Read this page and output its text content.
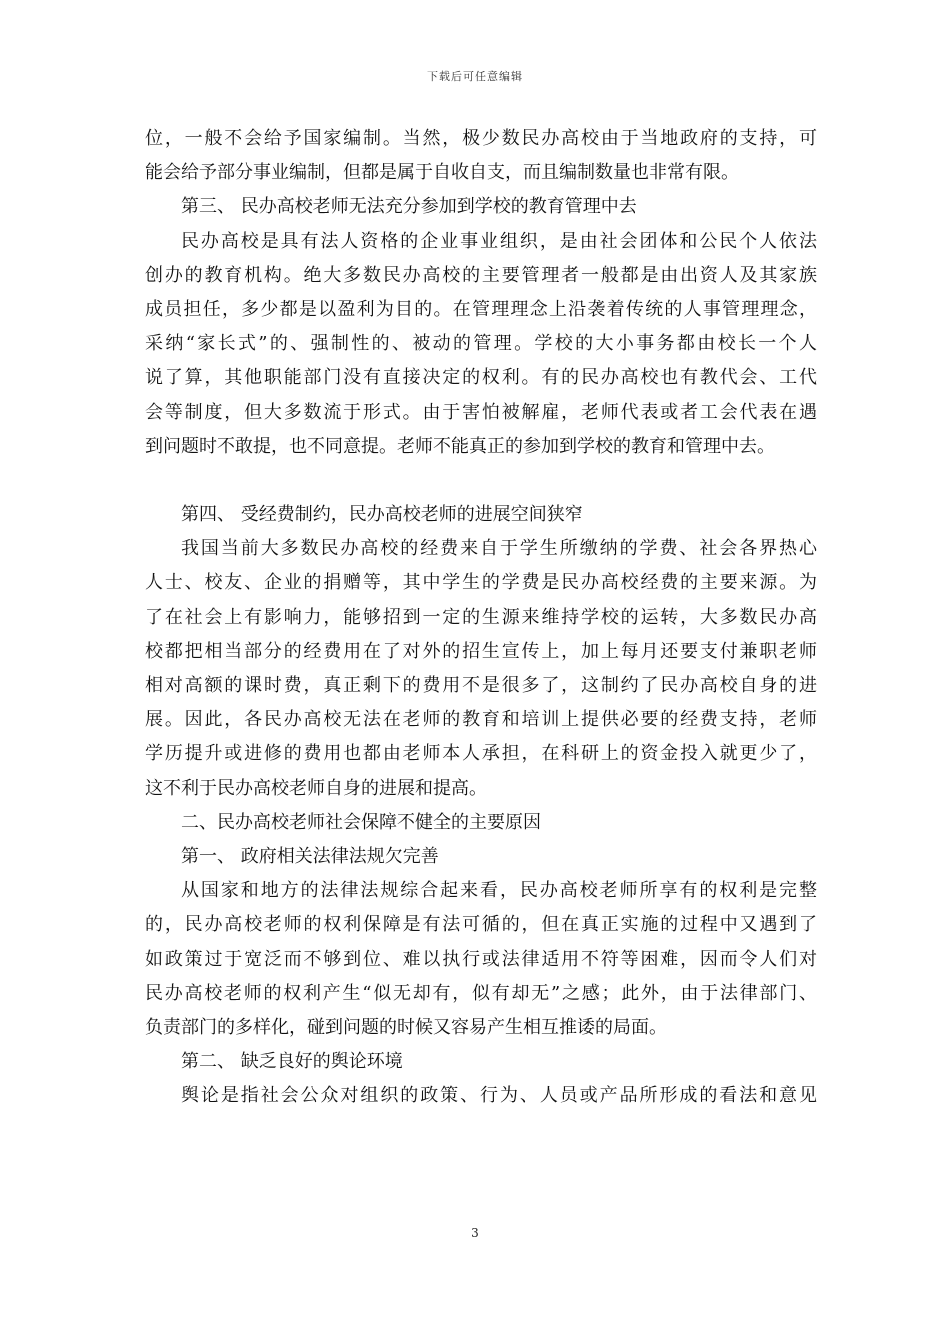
下载后可任意编辑
位，一般不会给予国家编制。当然，极少数民办高校由于当地政府的支持，可
能会给予部分事业编制，但都是属于自收自支，而且编制数量也非常有限。
第三、 民办高校老师无法充分参加到学校的教育管理中去
民办高校是具有法人资格的企业事业组织，是由社会团体和公民个人依法
创办的教育机构。绝大多数民办高校的主要管理者一般都是由出资人及其家族
成员担任，多少都是以盈利为目的。在管理理念上沿袭着传统的人事管理理念，
采纳“家长式”的、强制性的、被动的管理。学校的大小事务都由校长一个人
说了算，其他职能部门没有直接决定的权利。有的民办高校也有教代会、工代
会等制度，但大多数流于形式。由于害怕被解雇，老师代表或者工会代表在遇
到问题时不敢提，也不同意提。老师不能真正的参加到学校的教育和管理中去。
第四、 受经费制约，民办高校老师的进展空间狭窄
我国当前大多数民办高校的经费来自于学生所缴纳的学费、社会各界热心
人士、校友、企业的捐赠等，其中学生的学费是民办高校经费的主要来源。为
了在社会上有影响力，能够招到一定的生源来维持学校的运转，大多数民办高
校都把相当部分的经费用在了对外的招生宣传上，加上每月还要支付兼职老师
相对高额的课时费，真正剩下的费用不是很多了，这制约了民办高校自身的进
展。因此，各民办高校无法在老师的教育和培训上提供必要的经费支持，老师
学历提升或进修的费用也都由老师本人承担，在科研上的资金投入就更少了，
这不利于民办高校老师自身的进展和提高。
二、民办高校老师社会保障不健全的主要原因
第一、 政府相关法律法规欠完善
从国家和地方的法律法规综合起来看，民办高校老师所享有的权利是完整
的，民办高校老师的权利保障是有法可循的，但在真正实施的过程中又遇到了
如政策过于宽泛而不够到位、难以执行或法律适用不符等困难，因而令人们对
民办高校老师的权利产生“似无却有，似有却无”之感；此外，由于法律部门、
负责部门的多样化，碰到问题的时候又容易产生相互推诿的局面。
第二、 缺乏良好的舆论环境
舆论是指社会公众对组织的政策、行为、人员或产品所形成的看法和意见
3
